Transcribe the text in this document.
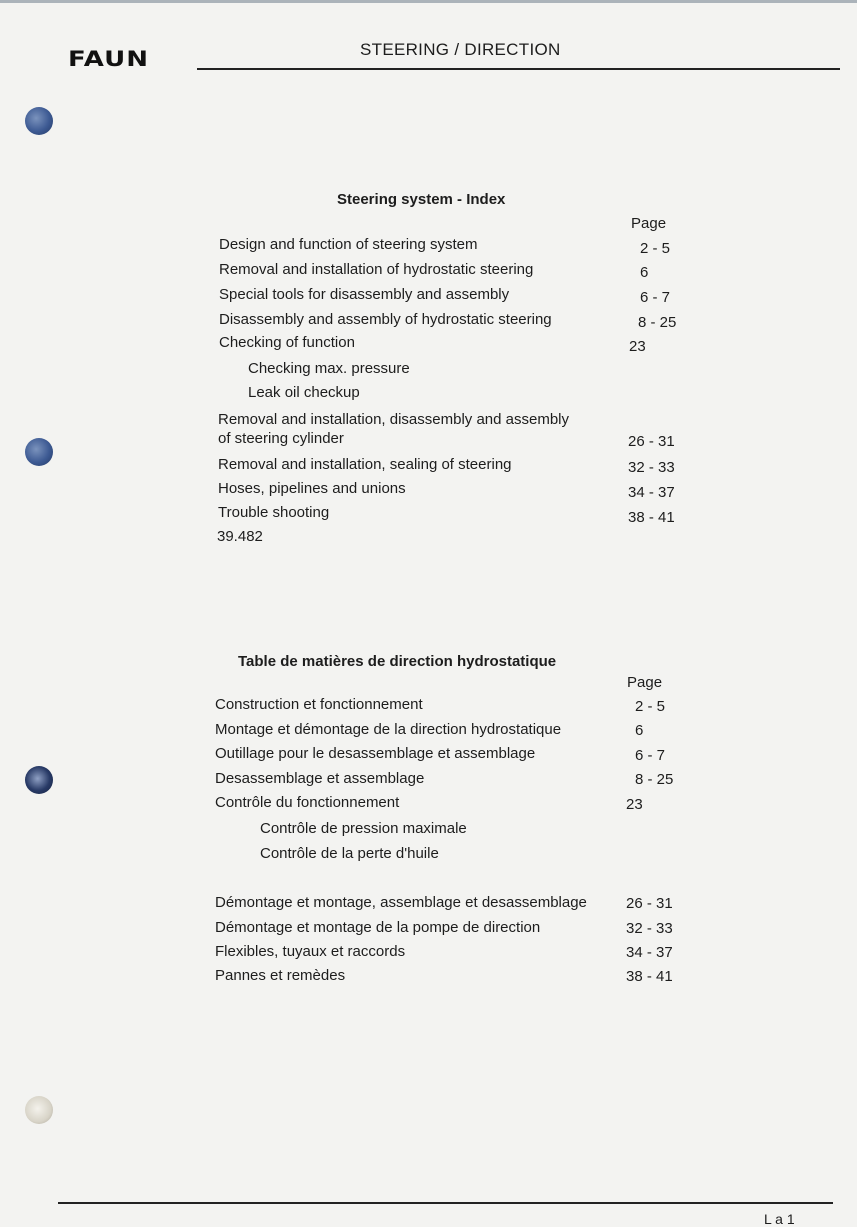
FAUN	STEERING / DIRECTION
Steering system - Index
Page
Design and function of steering system	2 - 5
Removal and installation of hydrostatic steering	6
Special tools for disassembly and assembly	6 - 7
Disassembly and assembly of hydrostatic steering	8 - 25
Checking of function	23
Checking max. pressure
Leak oil checkup
Removal and installation, disassembly and assembly
of steering cylinder	26 - 31
Removal and installation, sealing of steering	32 - 33
Hoses, pipelines and unions	34 - 37
Trouble shooting	38 - 41
39.482
Table de matières de direction hydrostatique
Page
Construction et fonctionnement	2 - 5
Montage et démontage de la direction hydrostatique	6
Outillage pour le desassemblage et assemblage	6 - 7
Desassemblage et assemblage	8 - 25
Contrôle du fonctionnement	23
Contrôle de pression maximale
Contrôle de la perte d'huile
Démontage et montage, assemblage et desassemblage	26 - 31
Démontage et montage de la pompe de direction	32 - 33
Flexibles, tuyaux et raccords	34 - 37
Pannes et remèdes	38 - 41
L a 1
